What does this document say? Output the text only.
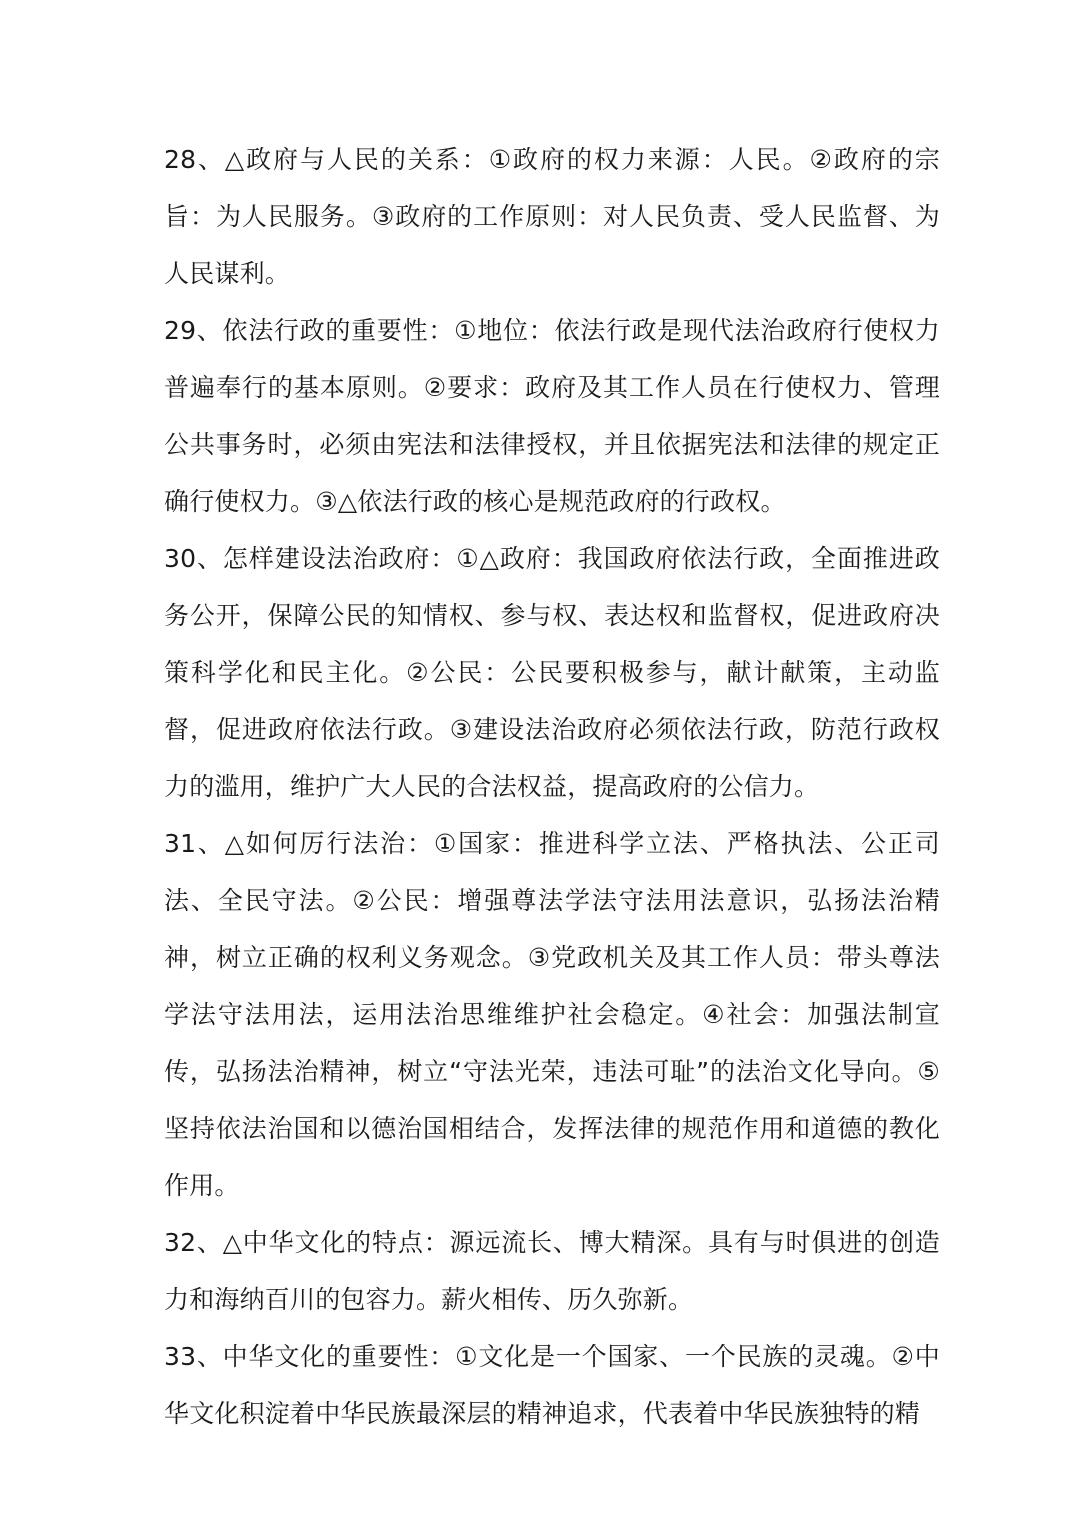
28、△政府与人民的关系：①政府的权力来源：人民。②政府的宗旨：为人民服务。③政府的工作原则：对人民负责、受人民监督、为人民谋利。

29、依法行政的重要性：①地位：依法行政是现代法治政府行使权力普遍奉行的基本原则。②要求：政府及其工作人员在行使权力、管理公共事务时，必须由宪法和法律授权，并且依据宪法和法律的规定正确行使权力。③△依法行政的核心是规范政府的行政权。

30、怎样建设法治政府：①△政府：我国政府依法行政，全面推进政务公开，保障公民的知情权、参与权、表达权和监督权，促进政府决策科学化和民主化。②公民：公民要积极参与，献计献策，主动监督，促进政府依法行政。③建设法治政府必须依法行政，防范行政权力的滥用，维护广大人民的合法权益，提高政府的公信力。

31、△如何厉行法治：①国家：推进科学立法、严格执法、公正司法、全民守法。②公民：增强尊法学法守法用法意识，弘扬法治精神，树立正确的权利义务观念。③党政机关及其工作人员：带头尊法学法守法用法，运用法治思维维护社会稳定。④社会：加强法制宣传，弘扬法治精神，树立“守法光荣，违法可耻”的法治文化导向。⑤坚持依法治国和以德治国相结合，发挥法律的规范作用和道德的教化作用。

32、△中华文化的特点：源远流长、博大精深。具有与时俱进的创造力和海纳百川的包容力。薪火相传、历久弥新。

33、中华文化的重要性：①文化是一个国家、一个民族的灵魂。②中华文化积淀着中华民族最深层的精神追求，代表着中华民族独特的精
